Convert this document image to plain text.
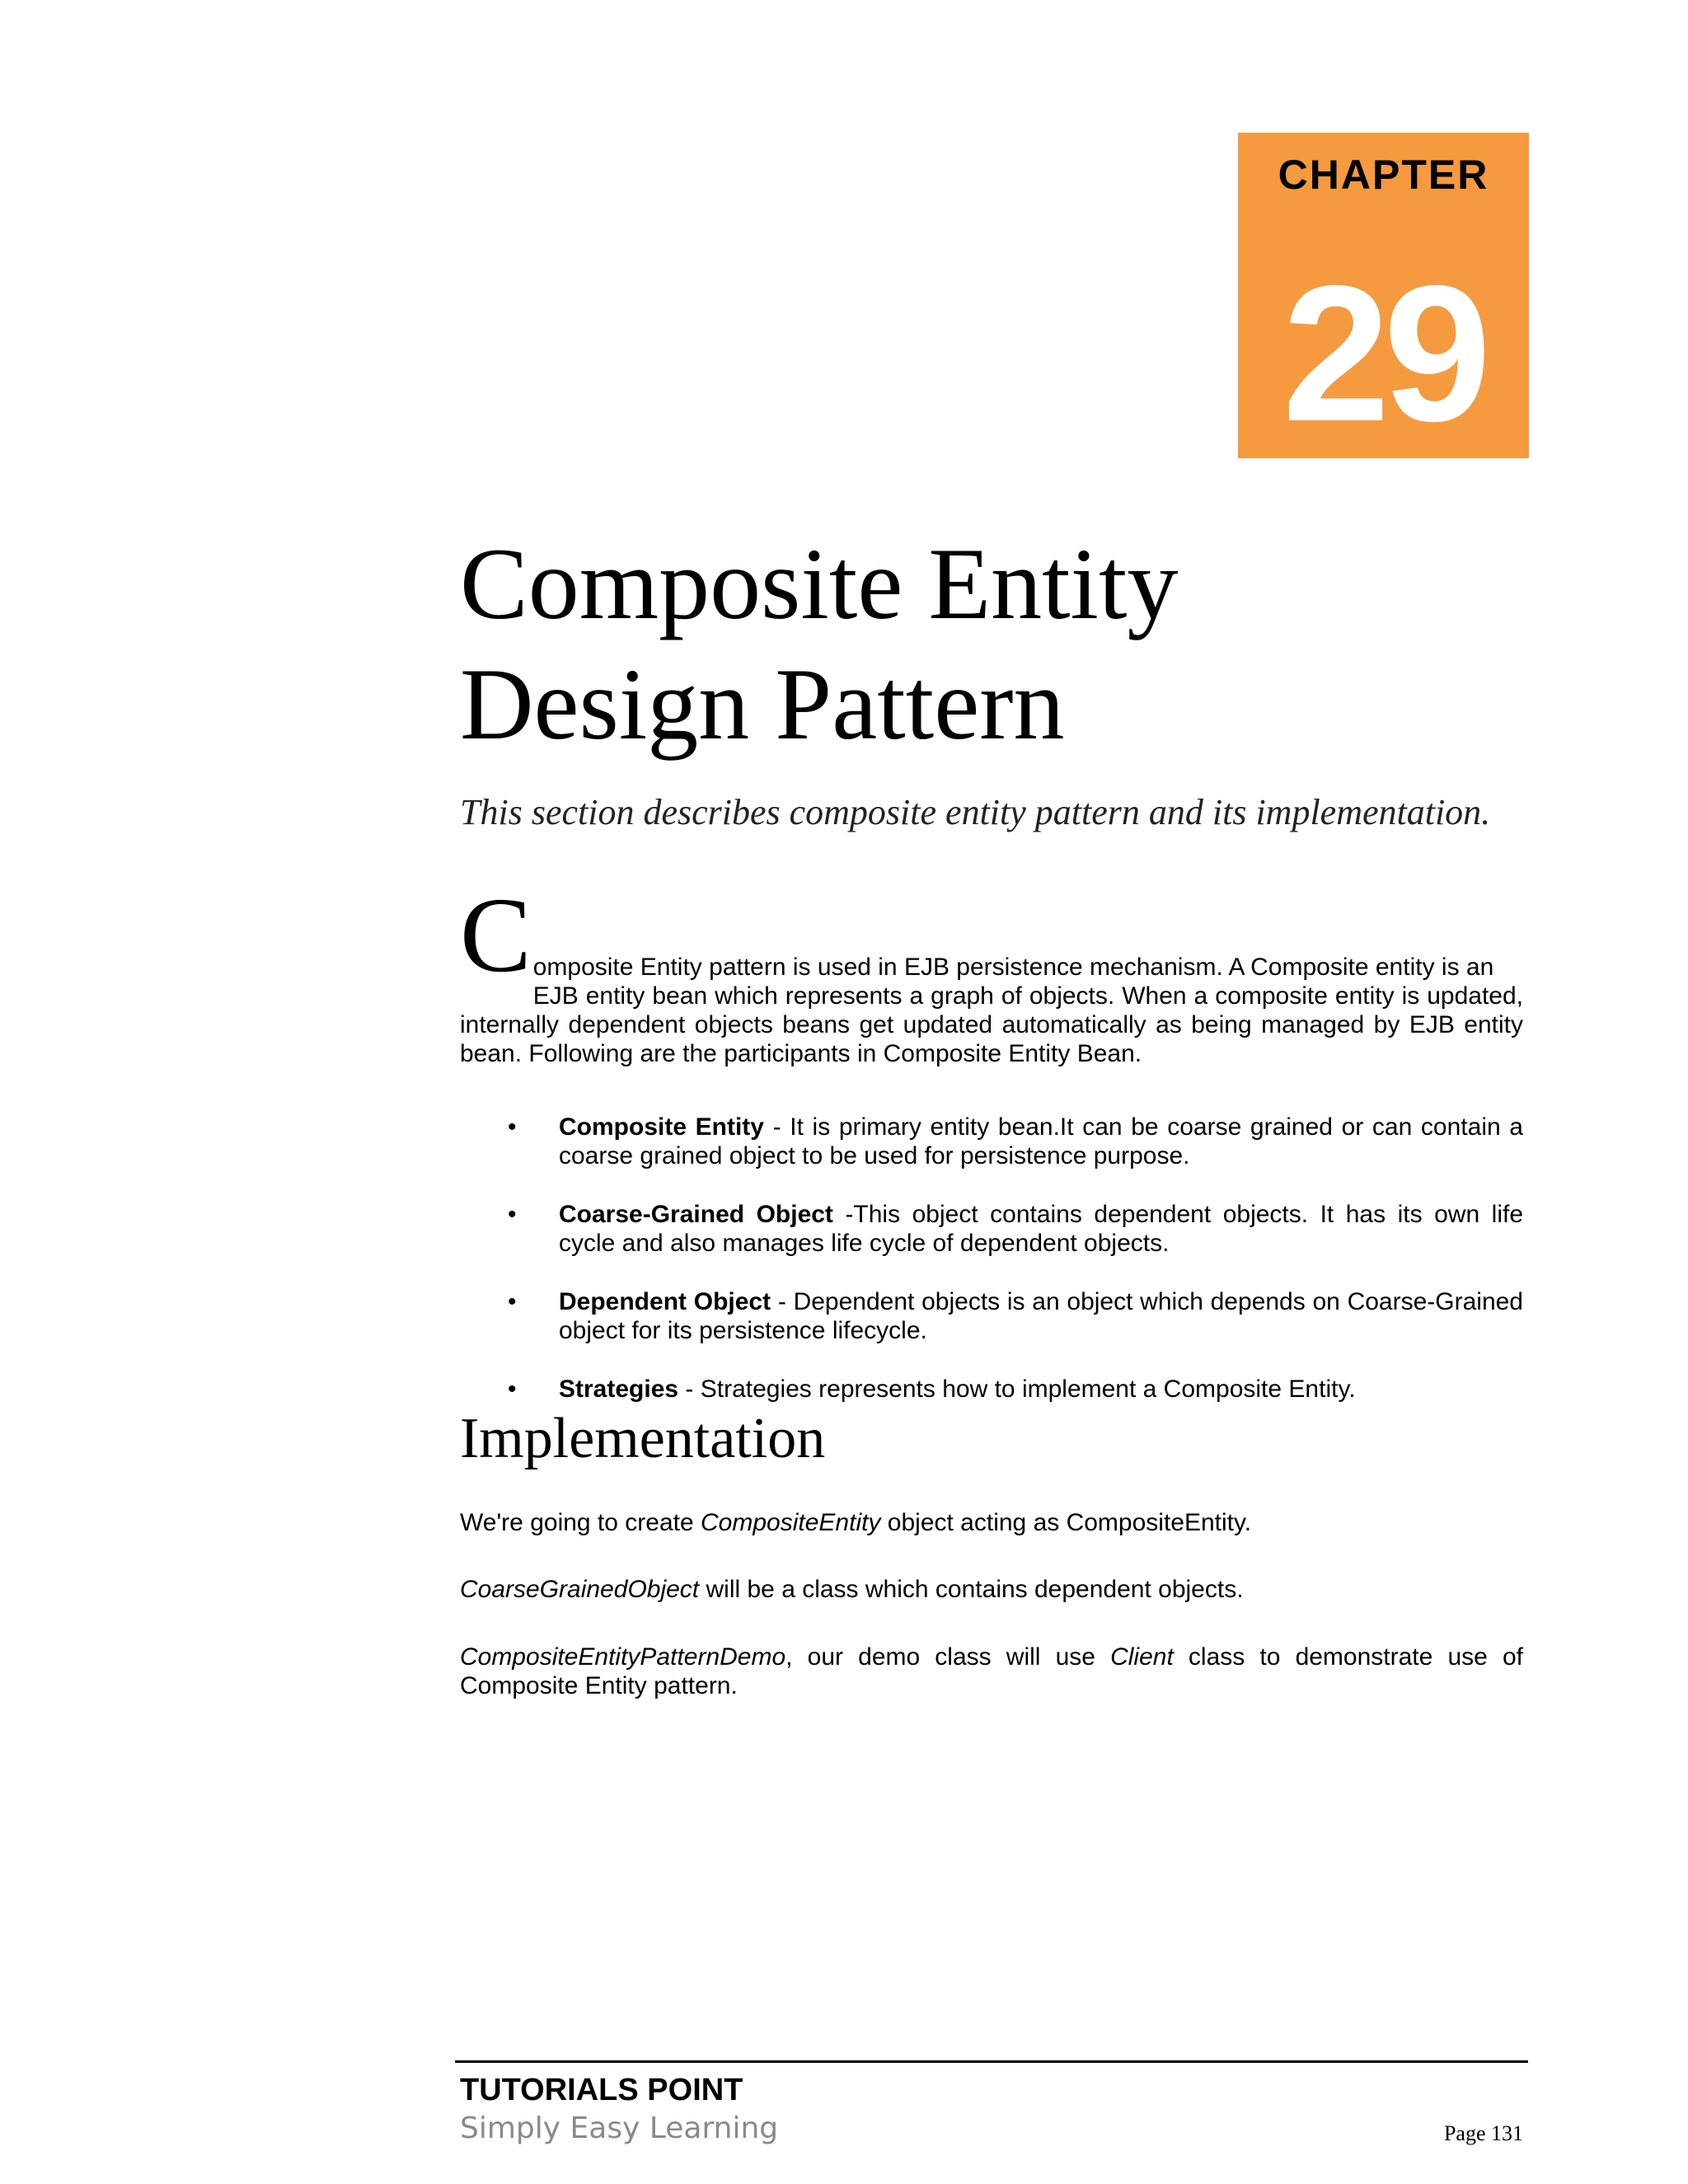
CHAPTER
29
Composite Entity
Design Pattern
This section describes composite entity pattern and its implementation.
C omposite Entity pattern is used in EJB persistence mechanism. A Composite entity is an
EJB entity bean which represents a graph of objects. When a composite entity is updated, internally dependent objects beans get updated automatically as being managed by EJB entity bean. Following are the participants in Composite Entity Bean.
• Composite Entity - It is primary entity bean.It can be coarse grained or can contain a coarse grained object to be used for persistence purpose.
• Coarse-Grained Object -This object contains dependent objects. It has its own life cycle and also manages life cycle of dependent objects.
• Dependent Object - Dependent objects is an object which depends on Coarse-Grained object for its persistence lifecycle.
• Strategies - Strategies represents how to implement a Composite Entity.
Implementation

We're going to create CompositeEntity object acting as CompositeEntity.

CoarseGrainedObject will be a class which contains dependent objects.

CompositeEntityPatternDemo, our demo class will use Client class to demonstrate use of Composite Entity pattern.

TUTORIALS POINT
Simply Easy Learning	Page 131
